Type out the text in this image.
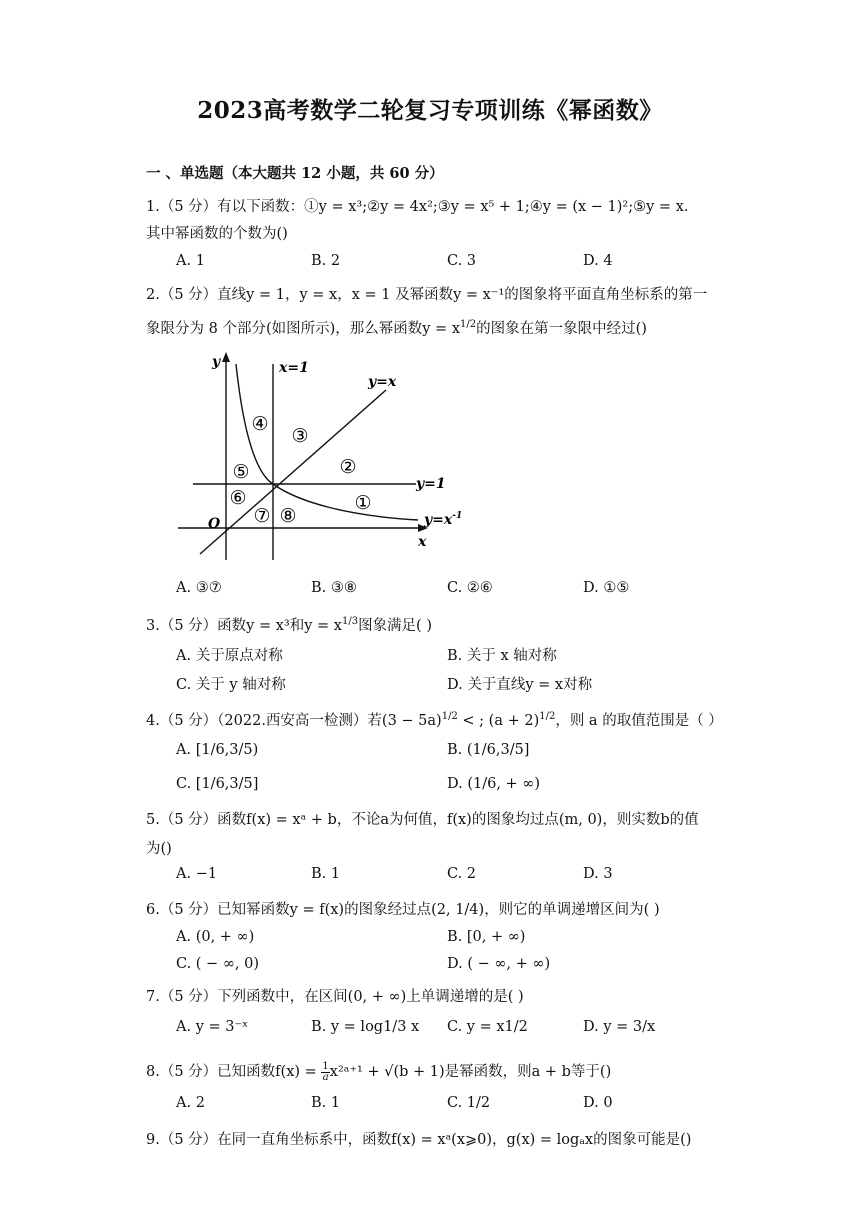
2023高考数学二轮复习专项训练《幂函数》
一 、单选题（本大题共 12 小题，共 60 分）
1.（5 分）有以下函数：①y = x³;②y = 4x²;③y = x⁵ + 1;④y = (x − 1)²;⑤y = x.
其中幂函数的个数为()
A. 1	B. 2	C. 3	D. 4
2.（5 分）直线y = 1，y = x，x = 1 及幂函数y = x⁻¹的图象将平面直角坐标系的第一
象限分为 8 个部分(如图所示)，那么幂函数$y = x^{1/2}$的图象在第一象限中经过()
y
x
O
x=1
y=x
y=1
$y=x^{-1}$
①
②
③
④
⑤
⑥
⑦ ⑧
A. ③⑦	B. ③⑧	C. ②⑥	D. ①⑤
3.（5 分）函数y = x³和$y = x^{1/3}$图象满足( )
A. 关于原点对称	B. 关于 x 轴对称
C. 关于 y 轴对称	D. 关于直线y = x对称
4.（5 分）（2022.西安高一检测）若$(3 - 5a)^{1/2}$ < ; $(a + 2)^{1/2}$，则 a 的取值范围是（ ）
A. [1/6,3/5)	B. (1/6,3/5]
C. [1/6,3/5]	D. (1/6, + ∞)
5.（5 分）函数f(x) = xᵃ + b，不论a为何值，f(x)的图象均过点(m, 0)，则实数b的值
为()
A. −1	B. 1	C. 2	D. 3
6.（5 分）已知幂函数y = f(x)的图象经过点(2, 1/4)，则它的单调递增区间为( )
A. (0, + ∞)	B. [0, + ∞)
C. ( − ∞, 0)	D. ( − ∞, + ∞)
7.（5 分）下列函数中，在区间(0, + ∞)上单调递增的是( )
A. y = 3⁻ˣ	B. y = log1/3 x C. y = x1/2	D. y = 3/x
8.（5 分）已知函数$f(x) = \frac{1}{a}$ x²ᵃ⁺¹ + √(b + 1)是幂函数，则a + b等于()
A. 2	B. 1	C. 1/2	D. 0
9.（5 分）在同一直角坐标系中，函数f(x) = xᵃ(x⩾0)，g(x) = logₐx的图象可能是()
